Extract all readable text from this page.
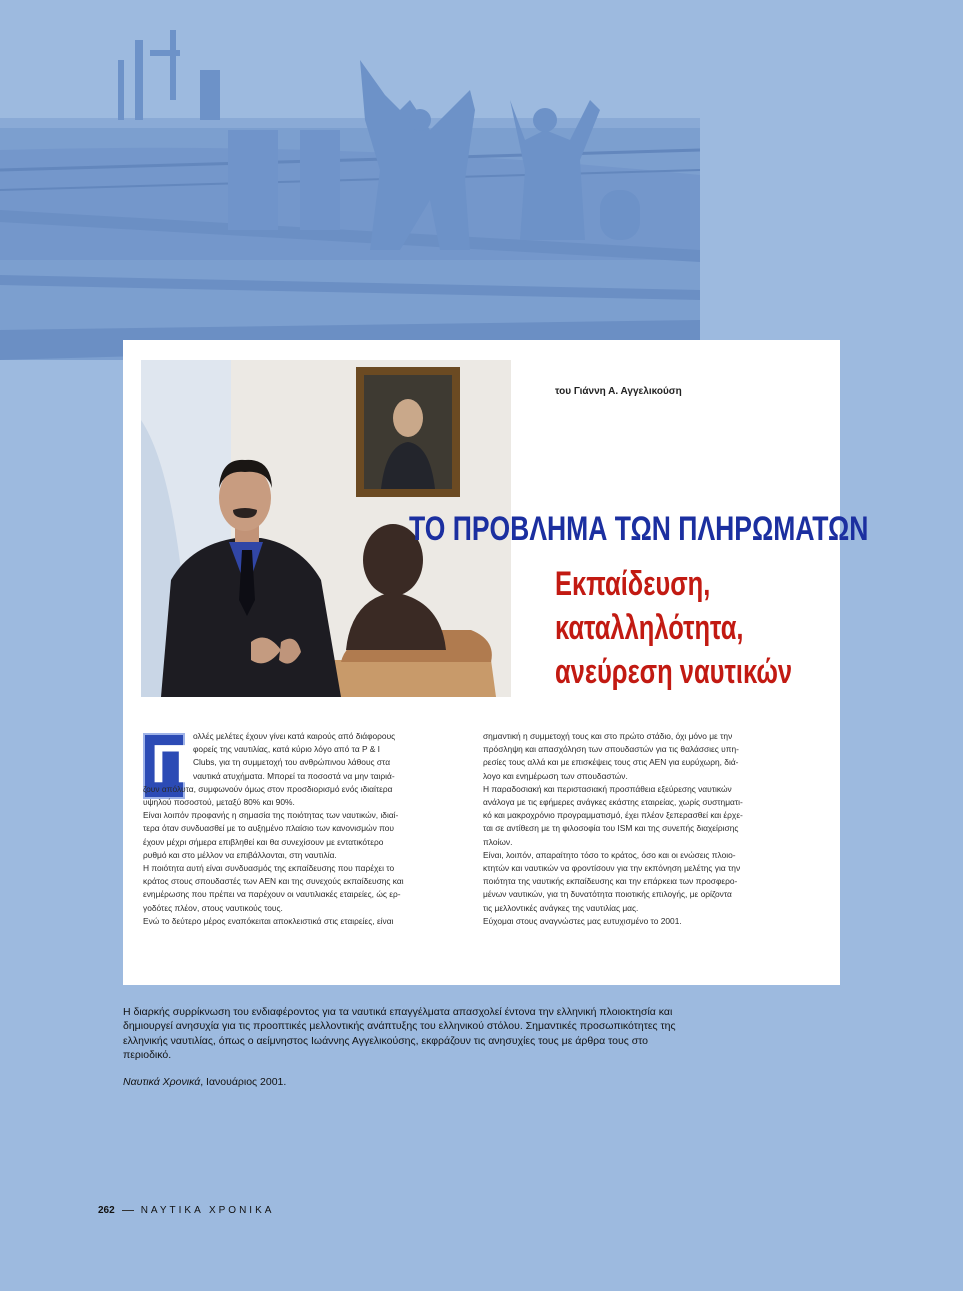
του Γιάννη Α. Αγγελικούση
ΤΟ ΠΡΟΒΛΗΜΑ ΤΩΝ ΠΛΗΡΩΜΑΤΩΝ
Εκπαίδευση,
καταλληλότητα,
ανεύρεση ναυτικών
Π ολλές μελέτες έχουν γίνει κατά καιρούς από διάφορους
φορείς της ναυτιλίας, κατά κύριο λόγο από τα P & I
Clubs, για τη συμμετοχή του ανθρώπινου λάθους στα
ναυτικά ατυχήματα. Μπορεί τα ποσοστά να μην ταιριά-
ζουν απόλυτα, συμφωνούν όμως στον προσδιορισμό ενός ιδιαίτερα
υψηλού ποσοστού, μεταξύ 80% και 90%.
Είναι λοιπόν προφανής η σημασία της ποιότητας των ναυτικών, ιδιαί-
τερα όταν συνδυασθεί με το αυξημένο πλαίσιο των κανονισμών που
έχουν μέχρι σήμερα επιβληθεί και θα συνεχίσουν με εντατικότερο
ρυθμό και στο μέλλον να επιβάλλονται, στη ναυτιλία.
Η ποιότητα αυτή είναι συνδυασμός της εκπαίδευσης που παρέχει το
κράτος στους σπουδαστές των ΑΕΝ και της συνεχούς εκπαίδευσης και
ενημέρωσης που πρέπει να παρέχουν οι ναυτιλιακές εταιρείες, ώς ερ-
γοδότες πλέον, στους ναυτικούς τους.
Ενώ το δεύτερο μέρος εναπόκειται αποκλειστικά στις εταιρείες, είναι
σημαντική η συμμετοχή τους και στο πρώτο στάδιο, όχι μόνο με την
πρόσληψη και απασχόληση των σπουδαστών για τις θαλάσσιες υπη-
ρεσίες τους αλλά και με επισκέψεις τους στις ΑΕΝ για ευρύχωρη, διά-
λογο και ενημέρωση των σπουδαστών.
Η παραδοσιακή και περιστασιακή προσπάθεια εξεύρεσης ναυτικών
ανάλογα με τις εφήμερες ανάγκες εκάστης εταιρείας, χωρίς συστηματι-
κό και μακροχρόνιο προγραμματισμό, έχει πλέον ξεπερασθεί και έρχε-
ται σε αντίθεση με τη φιλοσοφία του ISM και της συνεπής διαχείρισης
πλοίων.
Είναι, λοιπόν, απαραίτητο τόσο το κράτος, όσο και οι ενώσεις πλοιο-
κτητών και ναυτικών να φροντίσουν για την εκπόνηση μελέτης για την
ποιότητα της ναυτικής εκπαίδευσης και την επάρκεια των προσφερο-
μένων ναυτικών, για τη δυνατότητα ποιοτικής επιλογής, με ορίζοντα
τις μελλοντικές ανάγκες της ναυτιλίας μας.
Εύχομαι στους αναγνώστες μας ευτυχισμένο το 2001.
Η διαρκής συρρίκνωση του ενδιαφέροντος για τα ναυτικά επαγγέλματα απασχολεί έντονα την ελληνική πλοιοκτησία και δημιουργεί ανησυχία για τις προοπτικές μελλοντικής ανάπτυξης του ελληνικού στόλου. Σημαντικές προσωπικότητες της ελληνικής ναυτιλίας, όπως ο αείμνηστος Ιωάννης Αγγελικούσης, εκφράζουν τις ανησυχίες τους με άρθρα τους στο περιοδικό.
Ναυτικά Χρονικά, Ιανουάριος 2001.
262	ΝΑΥΤΙΚΑ ΧΡΟΝΙΚΑ
